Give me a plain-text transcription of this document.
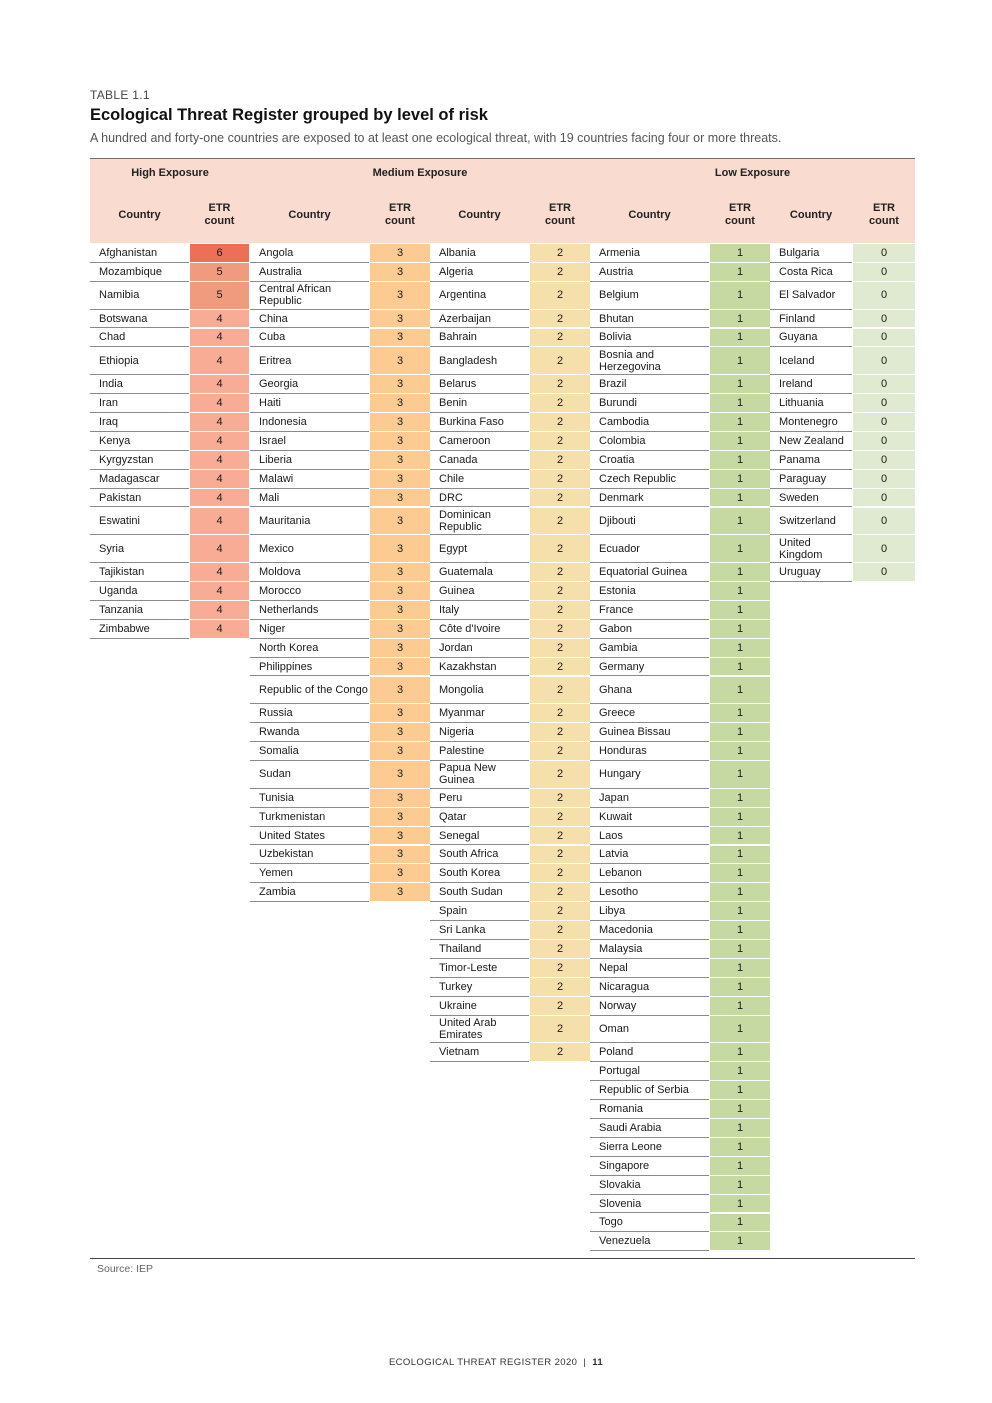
TABLE 1.1
Ecological Threat Register grouped by level of risk
A hundred and forty-one countries are exposed to at least one ecological threat, with 19 countries facing four or more threats.
High Exposure	Medium Exposure	Low Exposure
Country
ETR
count
Country
ETR
count
Country
ETR
count
Country
ETR
count
Country
ETR
count
Afghanistan	6
Mozambique	5
Namibia	5
Botswana	4
Chad	4
Ethiopia	4
India	4
Iran	4
Iraq	4
Kenya	4
Kyrgyzstan	4
Madagascar	4
Pakistan	4
Eswatini	4
Syria	4
Tajikistan	4
Uganda	4
Tanzania	4
Zimbabwe	4
Angola	3
Australia	3
Central African Republic	3
China	3
Cuba	3
Eritrea	3
Georgia	3
Haiti	3
Indonesia	3
Israel	3
Liberia	3
Malawi	3
Mali	3
Mauritania	3
Mexico	3
Moldova	3
Morocco	3
Netherlands	3
Niger	3
North Korea	3
Philippines	3
Republic of the Congo	3
Russia	3
Rwanda	3
Somalia	3
Sudan	3
Tunisia	3
Turkmenistan	3
United States	3
Uzbekistan	3
Yemen	3
Zambia	3
Albania	2
Algeria	2
Argentina	2
Azerbaijan	2
Bahrain	2
Bangladesh	2
Belarus	2
Benin	2
Burkina Faso	2
Cameroon	2
Canada	2
Chile	2
DRC	2
Dominican Republic	2
Egypt	2
Guatemala	2
Guinea	2
Italy	2
Côte d'Ivoire	2
Jordan	2
Kazakhstan	2
Mongolia	2
Myanmar	2
Nigeria	2
Palestine	2
Papua New Guinea	2
Peru	2
Qatar	2
Senegal	2
South Africa	2
South Korea	2
South Sudan	2
Spain	2
Sri Lanka	2
Thailand	2
Timor-Leste	2
Turkey	2
Ukraine	2
United Arab Emirates	2
Vietnam	2
Armenia	1
Austria	1
Belgium	1
Bhutan	1
Bolivia	1
Bosnia and Herzegovina	1
Brazil	1
Burundi	1
Cambodia	1
Colombia	1
Croatia	1
Czech Republic	1
Denmark	1
Djibouti	1
Ecuador	1
Equatorial Guinea	1
Estonia	1
France	1
Gabon	1
Gambia	1
Germany	1
Ghana	1
Greece	1
Guinea Bissau	1
Honduras	1
Hungary	1
Japan	1
Kuwait	1
Laos	1
Latvia	1
Lebanon	1
Lesotho	1
Libya	1
Macedonia	1
Malaysia	1
Nepal	1
Nicaragua	1
Norway	1
Oman	1
Poland	1
Portugal	1
Republic of Serbia	1
Romania	1
Saudi Arabia	1
Sierra Leone	1
Singapore	1
Slovakia	1
Slovenia	1
Togo	1
Venezuela	1
Bulgaria	0
Costa Rica	0
El Salvador	0
Finland	0
Guyana	0
Iceland	0
Ireland	0
Lithuania	0
Montenegro	0
New Zealand	0
Panama	0
Paraguay	0
Sweden	0
Switzerland	0
United Kingdom	0
Uruguay	0
Source: IEP
ECOLOGICAL THREAT REGISTER 2020 | 11
